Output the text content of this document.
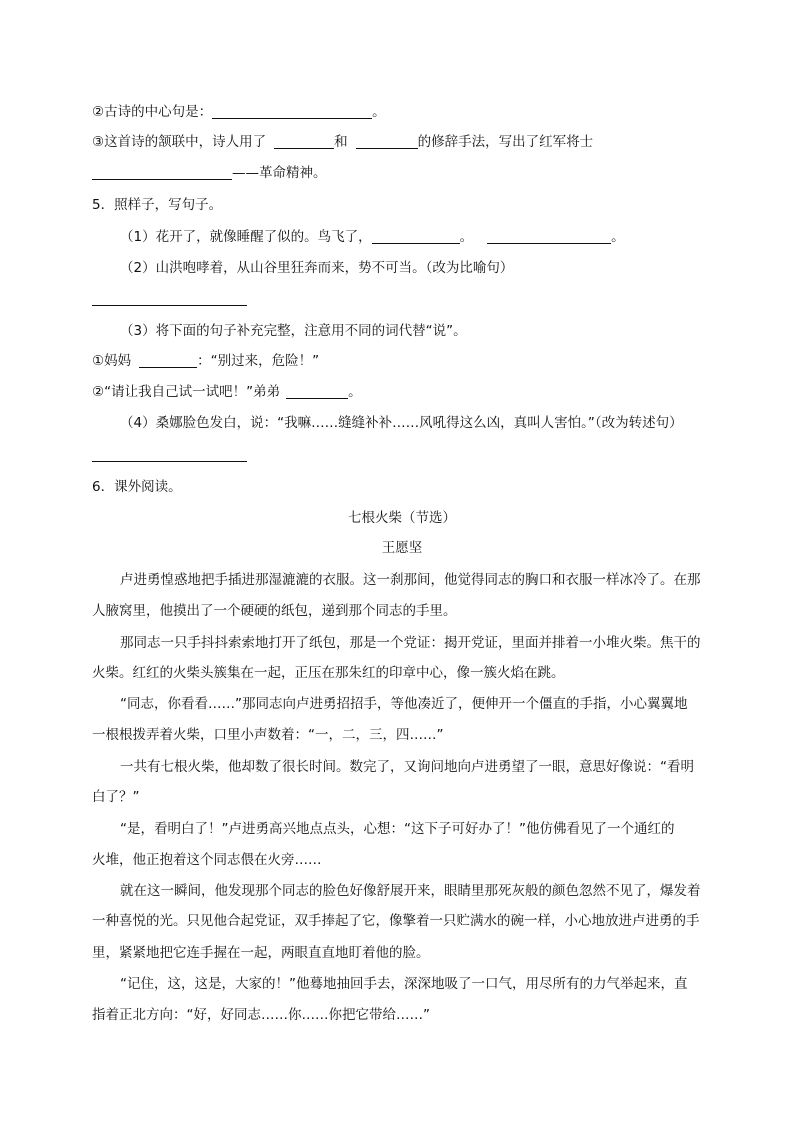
②古诗的中心句是：	。
③这首诗的颔联中，诗人用了	和	的修辞手法，写出了红军将士
——革命精神。
5．照样子，写句子。
（1）花开了，就像睡醒了似的。鸟飞了，	。	。
（2）山洪咆哮着，从山谷里狂奔而来，势不可当。（改为比喻句）
（3）将下面的句子补充完整，注意用不同的词代替“说”。
①妈妈	：“别过来，危险！”
②“请让我自己试一试吧！”弟弟	。
（4）桑娜脸色发白，说：“我嘛……缝缝补补……风吼得这么凶，真叫人害怕。”（改为转述句）
6．课外阅读。
七根火柴（节选）
王愿坚
卢进勇惶惑地把手插进那湿漉漉的衣服。这一刹那间，他觉得同志的胸口和衣服一样冰冷了。在那
人腋窝里，他摸出了一个硬硬的纸包，递到那个同志的手里。
那同志一只手抖抖索索地打开了纸包，那是一个党证：揭开党证，里面并排着一小堆火柴。焦干的
火柴。红红的火柴头簇集在一起，正压在那朱红的印章中心，像一簇火焰在跳。
“同志，你看看……”那同志向卢进勇招招手，等他凑近了，便伸开一个僵直的手指，小心翼翼地
一根根拨弄着火柴，口里小声数着：“一，二，三，四……”
一共有七根火柴，他却数了很长时间。数完了，又询问地向卢进勇望了一眼，意思好像说：“看明
白了？”
“是，看明白了！”卢进勇高兴地点点头，心想：“这下子可好办了！”他仿佛看见了一个通红的
火堆，他正抱着这个同志偎在火旁……
就在这一瞬间，他发现那个同志的脸色好像舒展开来，眼睛里那死灰般的颜色忽然不见了，爆发着
一种喜悦的光。只见他合起党证，双手捧起了它，像擎着一只贮满水的碗一样，小心地放进卢进勇的手
里，紧紧地把它连手握在一起，两眼直直地盯着他的脸。
“记住，这，这是，大家的！”他蓦地抽回手去，深深地吸了一口气，用尽所有的力气举起来，直
指着正北方向：“好，好同志……你……你把它带给……”
